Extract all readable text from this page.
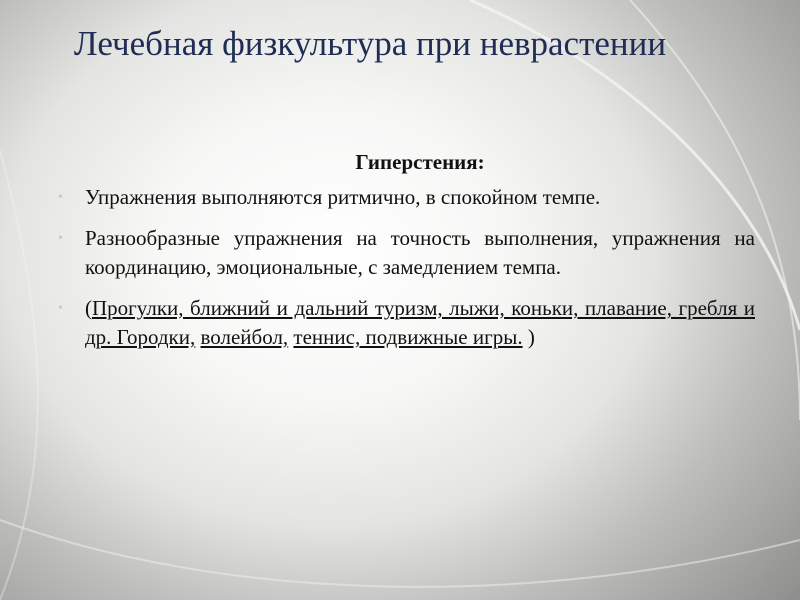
Лечебная физкультура при неврастении
Гиперстения:
• Упражнения выполняются ритмично, в спокойном темпе.
• Разнообразные упражнения на точность выполнения, упражнения на координацию, эмоциональные, с замедлением темпа.
• (Прогулки, ближний и дальний туризм, лыжи, коньки, плавание, гребля и др. Городки, волейбол, теннис, подвижные игры. )
